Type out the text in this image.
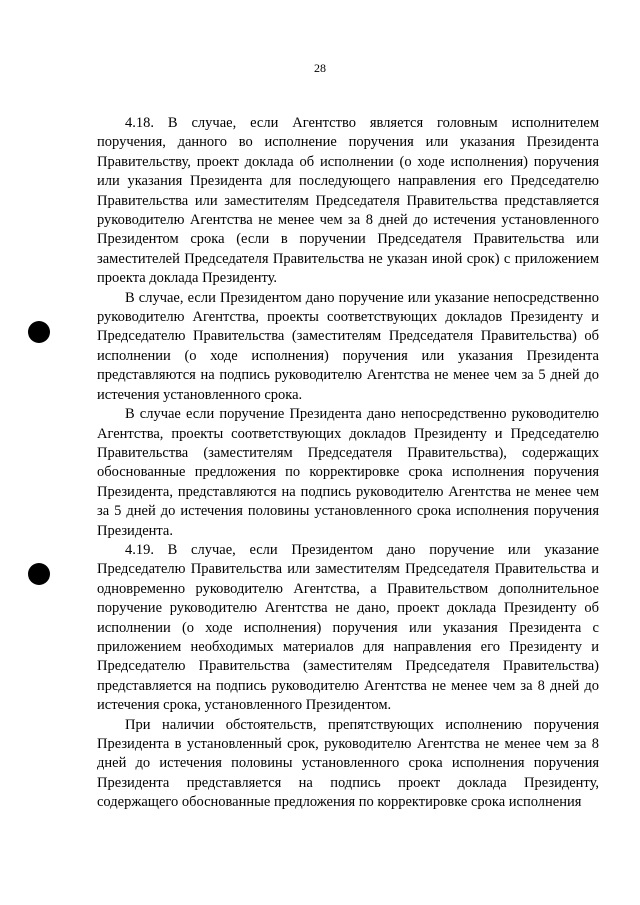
28

4.18. В случае, если Агентство является головным исполнителем поручения, данного во исполнение поручения или указания Президента Правительству, проект доклада об исполнении (о ходе исполнения) поручения или указания Президента для последующего направления его Председателю Правительства или заместителям Председателя Правительства представляется руководителю Агентства не менее чем за 8 дней до истечения установленного Президентом срока (если в поручении Председателя Правительства или заместителей Председателя Правительства не указан иной срок) с приложением проекта доклада Президенту.

В случае, если Президентом дано поручение или указание непосредственно руководителю Агентства, проекты соответствующих докладов Президенту и Председателю Правительства (заместителям Председателя Правительства) об исполнении (о ходе исполнения) поручения или указания Президента представляются на подпись руководителю Агентства не менее чем за 5 дней до истечения установленного срока.

В случае если поручение Президента дано непосредственно руководителю Агентства, проекты соответствующих докладов Президенту и Председателю Правительства (заместителям Председателя Правительства), содержащих обоснованные предложения по корректировке срока исполнения поручения Президента, представляются на подпись руководителю Агентства не менее чем за 5 дней до истечения половины установленного срока исполнения поручения Президента.

4.19. В случае, если Президентом дано поручение или указание Председателю Правительства или заместителям Председателя Правительства и одновременно руководителю Агентства, а Правительством дополнительное поручение руководителю Агентства не дано, проект доклада Президенту об исполнении (о ходе исполнения) поручения или указания Президента с приложением необходимых материалов для направления его Президенту и Председателю Правительства (заместителям Председателя Правительства) представляется на подпись руководителю Агентства не менее чем за 8 дней до истечения срока, установленного Президентом.

При наличии обстоятельств, препятствующих исполнению поручения Президента в установленный срок, руководителю Агентства не менее чем за 8 дней до истечения половины установленного срока исполнения поручения Президента представляется на подпись проект доклада Президенту, содержащего обоснованные предложения по корректировке срока исполнения
